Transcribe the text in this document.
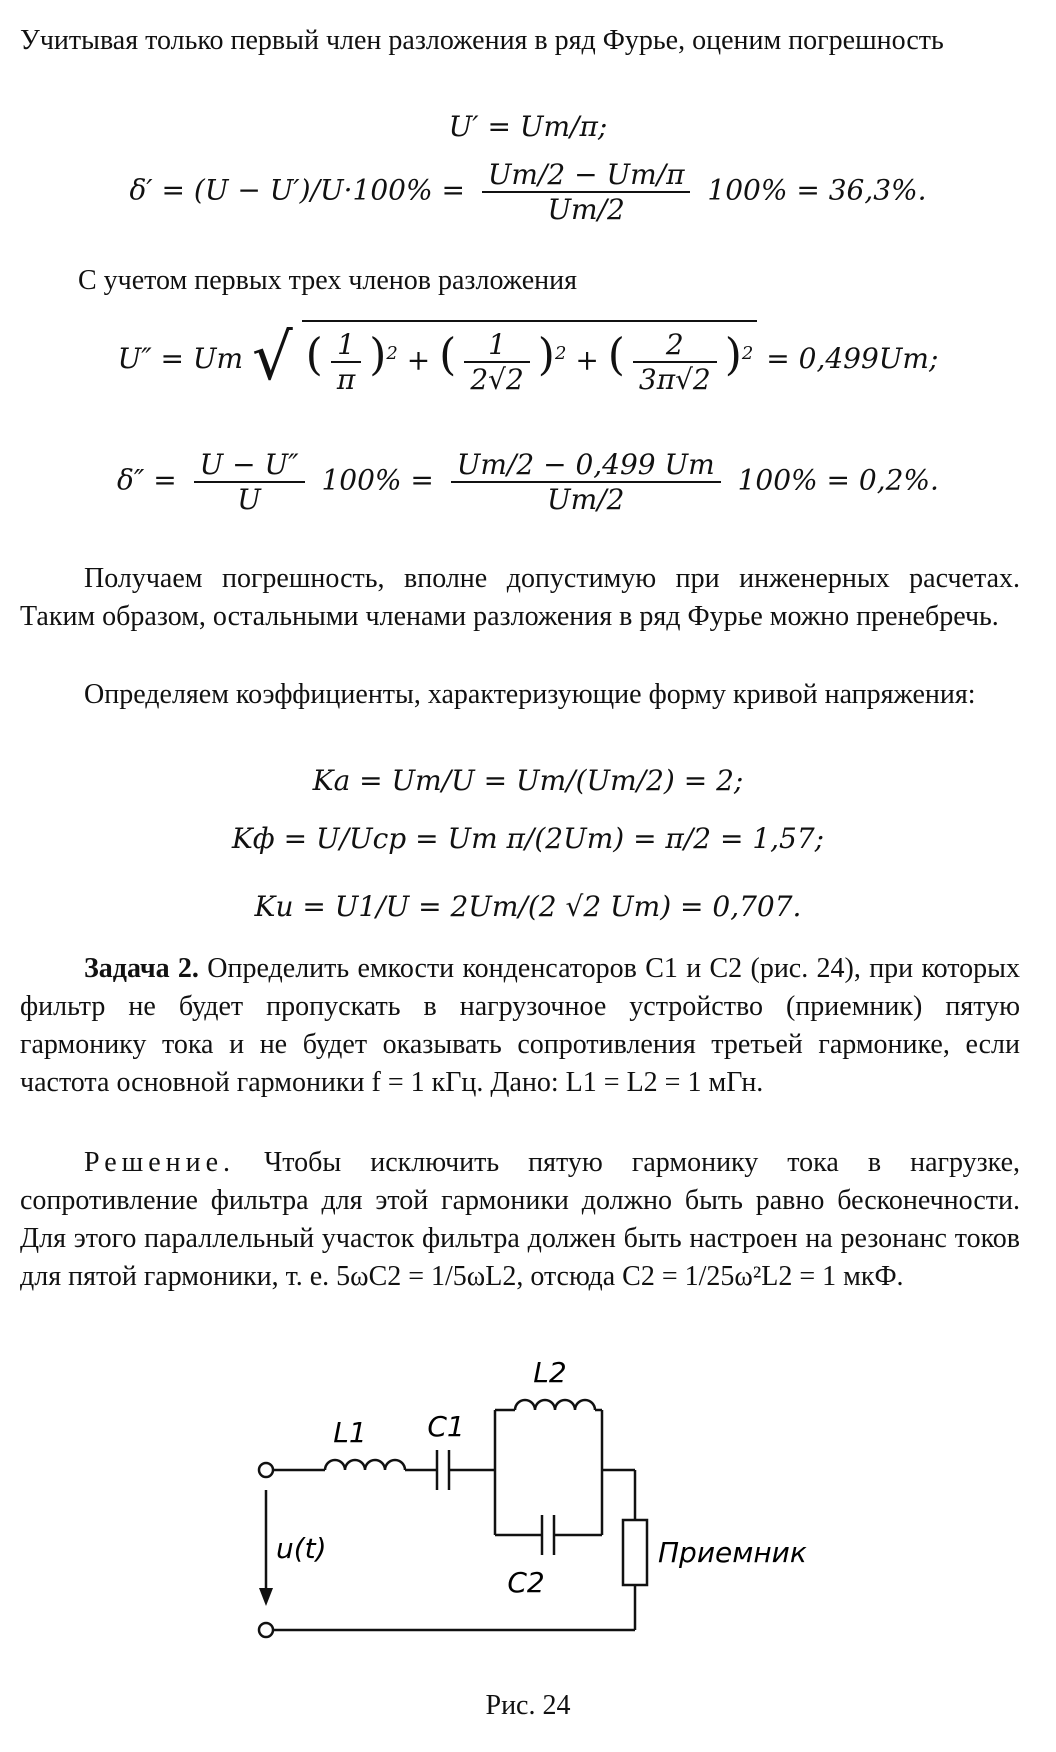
Учитывая только первый член разложения в ряд Фурье, оценим погрешность
U′ = Um/π;
$\delta' = (U - U')/U\cdot 100\% = \frac{Um/2 - Um/\pi}{Um/2} 100\% = 36,3\%$.
С учетом первых трех членов разложения
U″ = Um √ ( $\frac{1}{\pi} )^2$ + ( $\frac{1}{2√2} )^2$ + ( $\frac{2}{3\pi√2} )^2 = 0,499Um$;
$\delta'' = \frac{U - U''}{U} 100\% = \frac{Um/2 - 0,499 Um}{Um/2} 100\% = 0,2\%$.
Получаем погрешность, вполне допустимую при инженерных расчетах. Таким образом, остальными членами разложения в ряд Фурье можно пренебречь.
Определяем коэффициенты, характеризующие форму кривой напряжения:
Kа = Um/U = Um/(Um/2) = 2;
Kф = U/Uср = Um π/(2Um) = π/2 = 1,57;
Kи = U1/U = 2Um/(2 √2 Um) = 0,707.
Задача 2. Определить емкости конденсаторов C1 и C2 (рис. 24), при которых фильтр не будет пропускать в нагрузочное устройство (приемник) пятую гармонику тока и не будет оказывать сопротивления третьей гармонике, если частота основной гармоники f = 1 кГц. Дано: L1 = L2 = 1 мГн.
Решение. Чтобы исключить пятую гармонику тока в нагрузке, сопротивление фильтра для этой гармоники должно быть равно бесконечности. Для этого параллельный участок фильтра должен быть настроен на резонанс токов для пятой гармоники, т. е. 5ωC2 = 1/5ωL2, отсюда C2 = 1/25ω²L2 = 1 мкФ.
L1 C1
L2
C2
u(t)	Приемник
Рис. 24
